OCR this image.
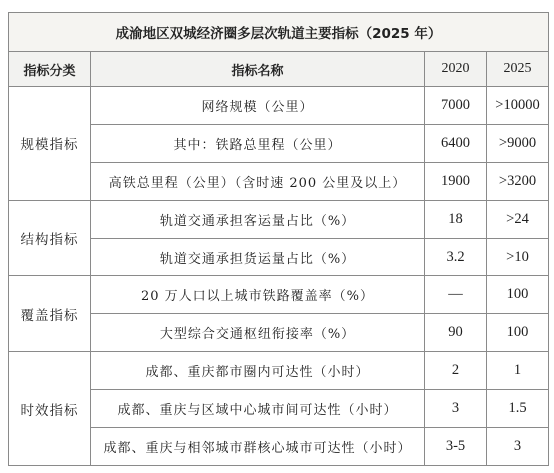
成渝地区双城经济圈多层次轨道主要指标（2025 年）			
指标分类	指标名称	2020	2025
规模指标	网络规模（公里）	7000	>10000
	其中：铁路总里程（公里）	6400	>9000
	高铁总里程（公里）（含时速 200 公里及以上）	1900	>3200
结构指标	轨道交通承担客运量占比（%）	18	>24
	轨道交通承担货运量占比（%）	3.2	>10
覆盖指标	20 万人口以上城市铁路覆盖率（%）	—	100
	大型综合交通枢纽衔接率（%）	90	100
时效指标	成都、重庆都市圈内可达性（小时）	2	1
	成都、重庆与区域中心城市间可达性（小时）	3	1.5
	成都、重庆与相邻城市群核心城市可达性（小时）	3-5	3
